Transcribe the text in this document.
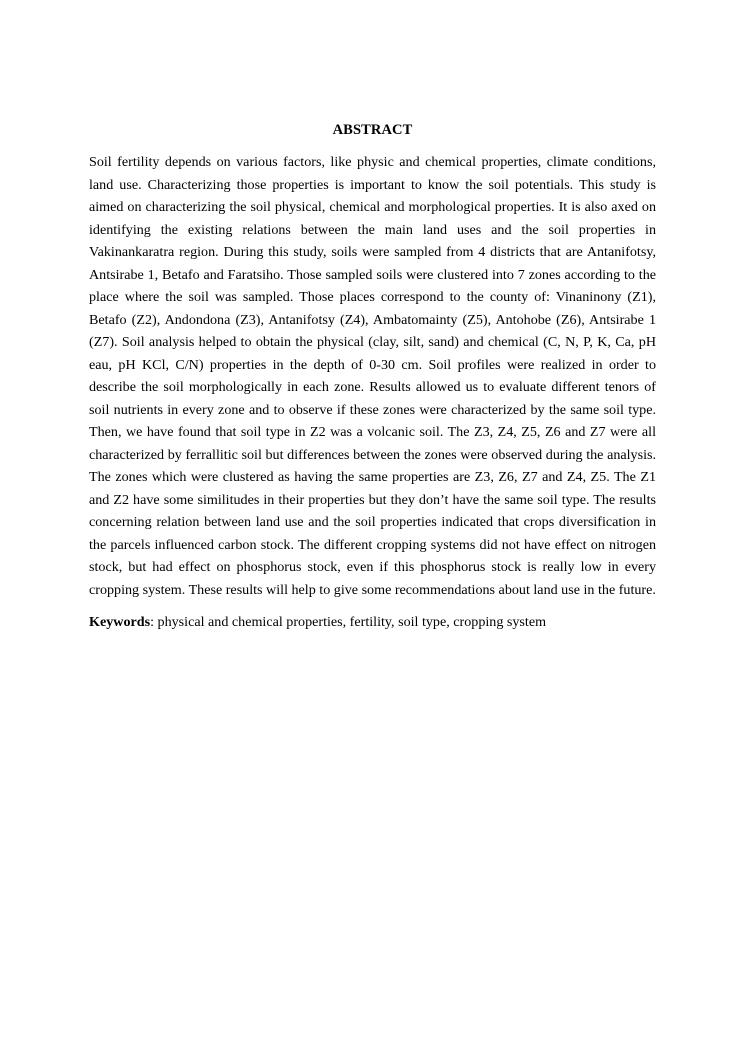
ABSTRACT

Soil fertility depends on various factors, like physic and chemical properties, climate conditions, land use. Characterizing those properties is important to know the soil potentials. This study is aimed on characterizing the soil physical, chemical and morphological properties. It is also axed on identifying the existing relations between the main land uses and the soil properties in Vakinankaratra region. During this study, soils were sampled from 4 districts that are Antanifotsy, Antsirabe 1, Betafo and Faratsiho. Those sampled soils were clustered into 7 zones according to the place where the soil was sampled. Those places correspond to the county of: Vinaninony (Z1), Betafo (Z2), Andondona (Z3), Antanifotsy (Z4), Ambatomainty (Z5), Antohobe (Z6), Antsirabe 1 (Z7). Soil analysis helped to obtain the physical (clay, silt, sand) and chemical (C, N, P, K, Ca, pH eau, pH KCl, C/N) properties in the depth of 0-30 cm. Soil profiles were realized in order to describe the soil morphologically in each zone. Results allowed us to evaluate different tenors of soil nutrients in every zone and to observe if these zones were characterized by the same soil type. Then, we have found that soil type in Z2 was a volcanic soil. The Z3, Z4, Z5, Z6 and Z7 were all characterized by ferrallitic soil but differences between the zones were observed during the analysis. The zones which were clustered as having the same properties are Z3, Z6, Z7 and Z4, Z5. The Z1 and Z2 have some similitudes in their properties but they don’t have the same soil type. The results concerning relation between land use and the soil properties indicated that crops diversification in the parcels influenced carbon stock. The different cropping systems did not have effect on nitrogen stock, but had effect on phosphorus stock, even if this phosphorus stock is really low in every cropping system. These results will help to give some recommendations about land use in the future.

Keywords: physical and chemical properties, fertility, soil type, cropping system
